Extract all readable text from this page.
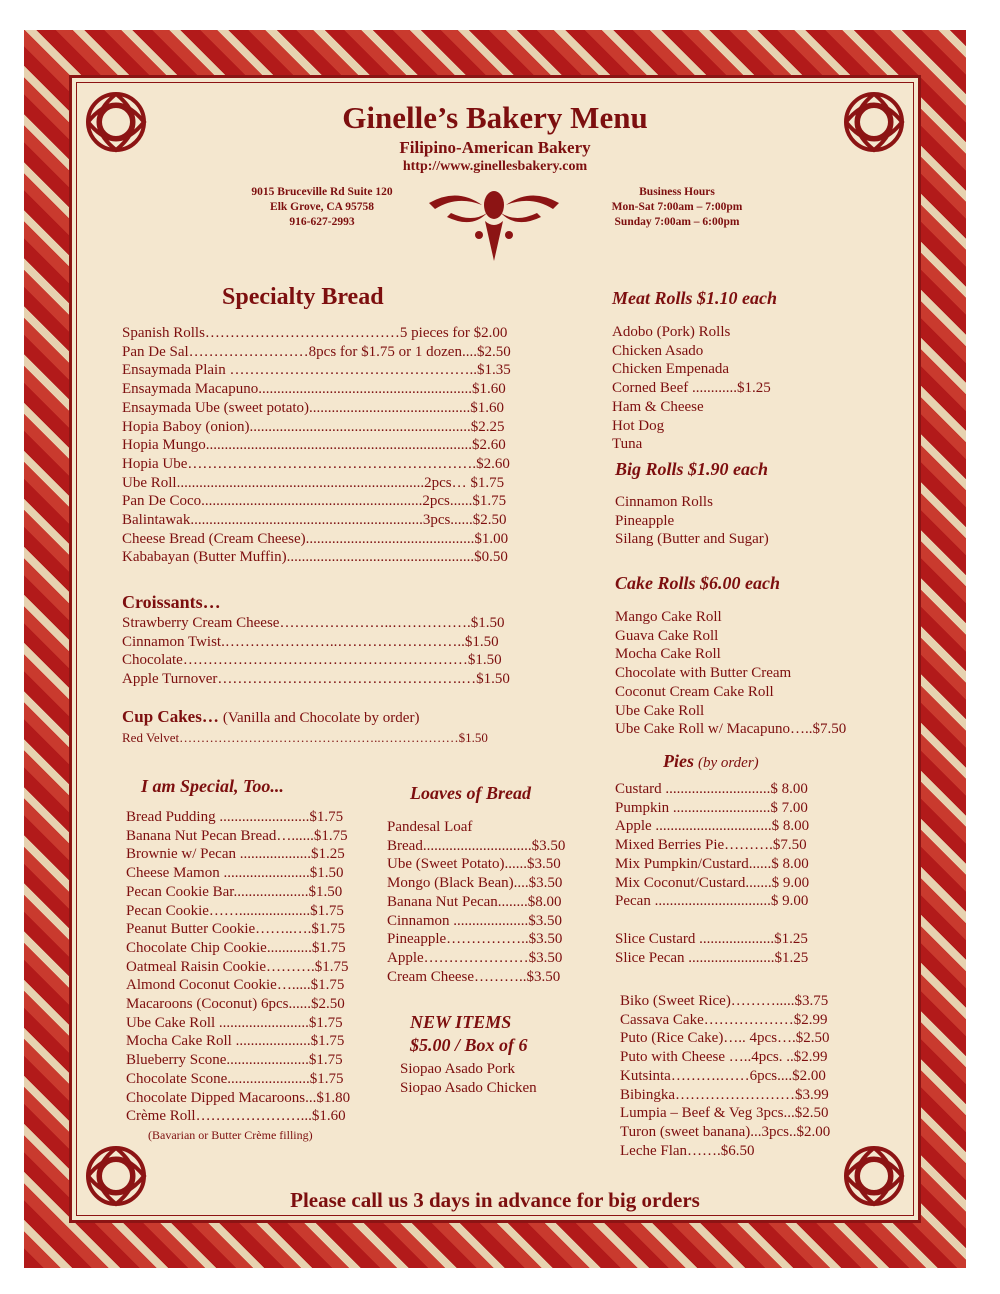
Ginelle’s Bakery Menu
Filipino-American Bakery
http://www.ginellesbakery.com
9015 Bruceville Rd Suite 120
Elk Grove, CA 95758
916-627-2993
Business Hours
Mon-Sat 7:00am – 7:00pm
Sunday 7:00am – 6:00pm
Specialty Bread
Spanish Rolls…………………………………5 pieces for $2.00
Pan De Sal……………………8pcs for $1.75 or 1 dozen....$2.50
Ensaymada Plain …………………………………………..$1.35
Ensaymada Macapuno.........................................................$1.60
Ensaymada Ube (sweet potato)...........................................$1.60
Hopia Baboy (onion)...........................................................$2.25
Hopia Mungo.......................................................................$2.60
Hopia Ube………………………………………………….$2.60
Ube Roll..................................................................2pcs… $1.75
Pan De Coco...........................................................2pcs......$1.75
Balintawak..............................................................3pcs......$2.50
Cheese Bread (Cream Cheese).............................................$1.00
Kababayan (Butter Muffin)..................................................$0.50
Croissants…
Strawberry Cream Cheese…………………..…………….$1.50
Cinnamon Twist.…………………..……………………..$1.50
Chocolate…………………………………………………$1.50
Apple Turnover………………………………………….…$1.50
Cup Cakes… (Vanilla and Chocolate by order)
Red Velvet………………………………………..………………$1.50
I am Special, Too...
Bread Pudding ........................$1.75
Banana Nut Pecan Bread…......$1.75
Brownie w/ Pecan ...................$1.25
Cheese Mamon .......................$1.50
Pecan Cookie Bar....................$1.50
Pecan Cookie……...................$1.75
Peanut Butter Cookie……..….$1.75
Chocolate Chip Cookie............$1.75
Oatmeal Raisin Cookie……….$1.75
Almond Coconut Cookie….....$1.75
Macaroons (Coconut) 6pcs......$2.50
Ube Cake Roll ........................$1.75
Mocha Cake Roll ....................$1.75
Blueberry Scone......................$1.75
Chocolate Scone......................$1.75
Chocolate Dipped Macaroons...$1.80
Crème Roll…………………...$1.60
(Bavarian or Butter Crème filling)
Loaves of Bread
Pandesal Loaf
Bread.............................$3.50
Ube (Sweet Potato)......$3.50
Mongo (Black Bean)....$3.50
Banana Nut Pecan........$8.00
Cinnamon ....................$3.50
Pineapple……………..$3.50
Apple…………………$3.50
Cream Cheese………..$3.50
NEW ITEMS
$5.00 / Box of 6
Siopao Asado Pork
Siopao Asado Chicken
Meat Rolls $1.10 each
Adobo (Pork) Rolls
Chicken Asado
Chicken Empenada
Corned Beef ............$1.25
Ham & Cheese
Hot Dog
Tuna
Big Rolls $1.90 each
Cinnamon Rolls
Pineapple
Silang (Butter and Sugar)
Cake Rolls $6.00 each
Mango Cake Roll
Guava Cake Roll
Mocha Cake Roll
Chocolate with Butter Cream
Coconut Cream Cake Roll
Ube Cake Roll
Ube Cake Roll w/ Macapuno…..$7.50
Pies (by order)
Custard ............................$ 8.00
Pumpkin ..........................$ 7.00
Apple ...............................$ 8.00
Mixed Berries Pie……….$7.50
Mix Pumpkin/Custard......$ 8.00
Mix Coconut/Custard.......$ 9.00
Pecan ...............................$ 9.00
Slice Custard ....................$1.25
Slice Pecan .......................$1.25
Biko (Sweet Rice)……….....$3.75
Cassava Cake………………$2.99
Puto (Rice Cake)….. 4pcs….$2.50
Puto with Cheese …..4pcs. ..$2.99
Kutsinta……….……6pcs....$2.00
Bibingka……………………$3.99
Lumpia – Beef & Veg 3pcs...$2.50
Turon (sweet banana)...3pcs..$2.00
Leche Flan…….$6.50
Please call us 3 days in advance for big orders
